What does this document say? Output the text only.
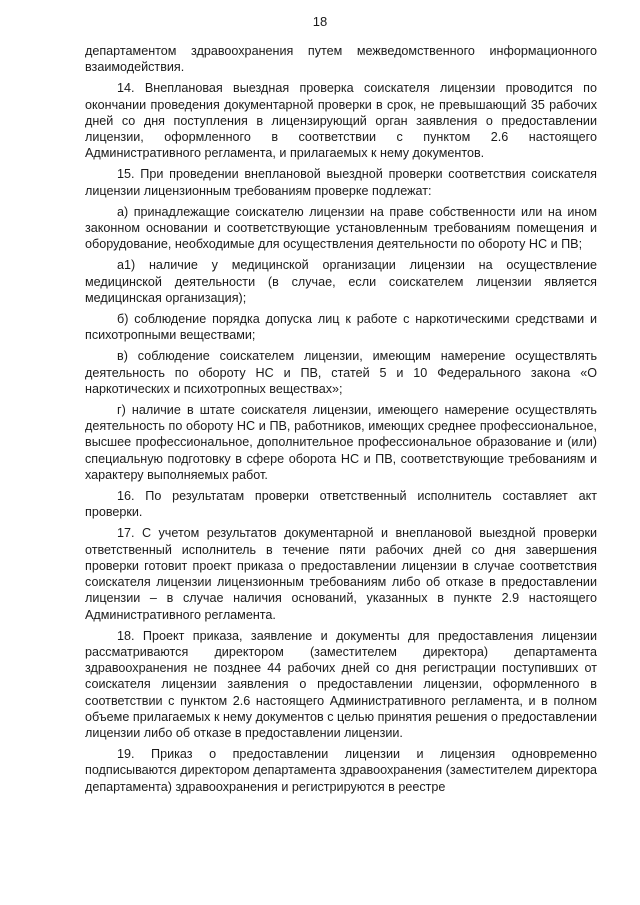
18

департаментом здравоохранения путем межведомственного информационного взаимодействия.

14. Внеплановая выездная проверка соискателя лицензии проводится по окончании проведения документарной проверки в срок, не превышающий 35 рабочих дней со дня поступления в лицензирующий орган заявления о предоставлении лицензии, оформленного в соответствии с пунктом 2.6 настоящего Административного регламента, и прилагаемых к нему документов.

15. При проведении внеплановой выездной проверки соответствия соискателя лицензии лицензионным требованиям проверке подлежат:

а) принадлежащие соискателю лицензии на праве собственности или на ином законном основании и соответствующие установленным требованиям помещения и оборудование, необходимые для осуществления деятельности по обороту НС и ПВ;

а1) наличие у медицинской организации лицензии на осуществление медицинской деятельности (в случае, если соискателем лицензии является медицинская организация);

б) соблюдение порядка допуска лиц к работе с наркотическими средствами и психотропными веществами;

в) соблюдение соискателем лицензии, имеющим намерение осуществлять деятельность по обороту НС и ПВ, статей 5 и 10 Федерального закона «О наркотических и психотропных веществах»;

г) наличие в штате соискателя лицензии, имеющего намерение осуществлять деятельность по обороту НС и ПВ, работников, имеющих среднее профессиональное, высшее профессиональное, дополнительное профессиональное образование и (или) специальную подготовку в сфере оборота НС и ПВ, соответствующие требованиям и характеру выполняемых работ.

16. По результатам проверки ответственный исполнитель составляет акт проверки.

17. С учетом результатов документарной и внеплановой выездной проверки ответственный исполнитель в течение пяти рабочих дней со дня завершения проверки готовит проект приказа о предоставлении лицензии в случае соответствия соискателя лицензии лицензионным требованиям либо об отказе в предоставлении лицензии – в случае наличия оснований, указанных в пункте 2.9 настоящего Административного регламента.

18. Проект приказа, заявление и документы для предоставления лицензии рассматриваются директором (заместителем директора) департамента здравоохранения не позднее 44 рабочих дней со дня регистрации поступивших от соискателя лицензии заявления о предоставлении лицензии, оформленного в соответствии с пунктом 2.6 настоящего Административного регламента, и в полном объеме прилагаемых к нему документов с целью принятия решения о предоставлении лицензии либо об отказе в предоставлении лицензии.

19. Приказ о предоставлении лицензии и лицензия одновременно подписываются директором департамента здравоохранения (заместителем директора департамента) здравоохранения и регистрируются в реестре
